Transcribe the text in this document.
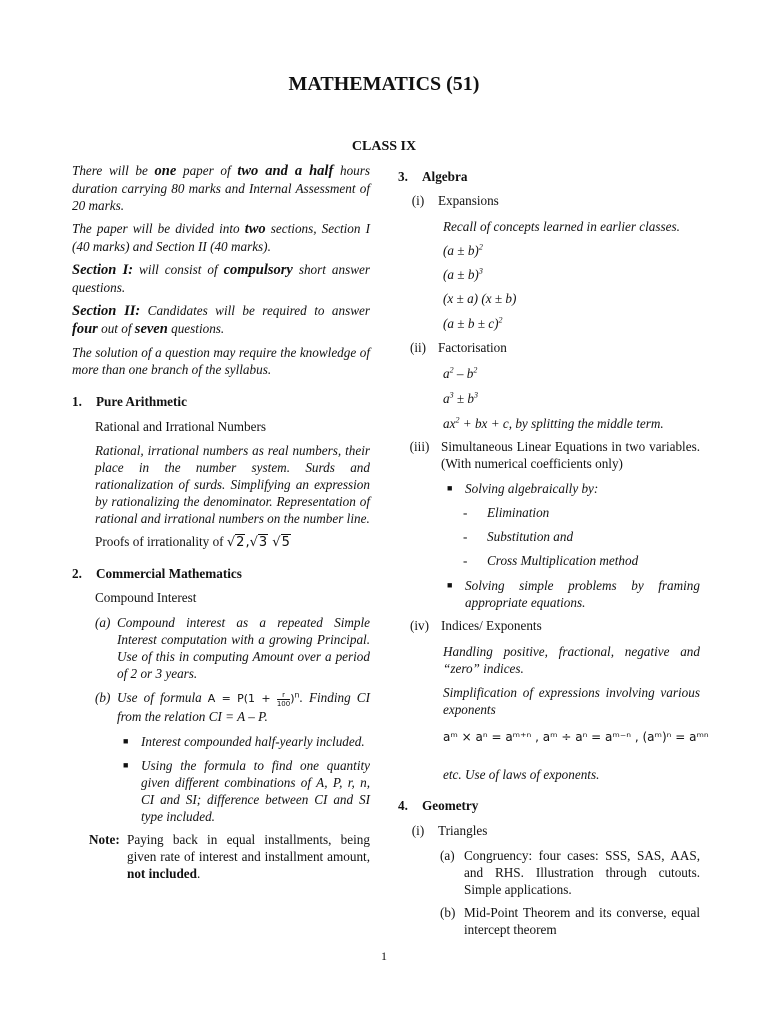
MATHEMATICS (51)
CLASS IX

There will be one paper of two and a half hours duration carrying 80 marks and Internal Assessment of 20 marks.

The paper will be divided into two sections, Section I (40 marks) and Section II (40 marks).

Section I: will consist of compulsory short answer questions.

Section II: Candidates will be required to answer four out of seven questions.

The solution of a question may require the knowledge of more than one branch of the syllabus.

1.	Pure Arithmetic

Rational and Irrational Numbers

Rational, irrational numbers as real numbers, their place in the number system. Surds and rationalization of surds. Simplifying an expression by rationalizing the denominator. Representation of rational and irrational numbers on the number line.

Proofs of irrationality of √2,√3 √5

2.	Commercial Mathematics

Compound Interest

(a) Compound interest as a repeated Simple Interest computation with a growing Principal. Use of this in computing Amount over a period of 2 or 3 years.
(b) Use of formula $A = P(1 + \frac{r}{100} )^n$. Finding CI from the relation CI = A – P.
■ Interest compounded half-yearly included.
■ Using the formula to find one quantity given different combinations of A, P, r, n, CI and SI; difference between CI and SI type included.
Note: Paying back in equal installments, being given rate of interest and installment amount, not included.
3.	Algebra
(i)	Expansions

Recall of concepts learned in earlier classes.

$(a \pm b)^2$

$(a \pm b)^3$

(x ± a) (x ± b)

$(a \pm b \pm c)^2$

(ii) Factorisation

$a^2 - b^2$

$a^3 \pm b^3$

$ax^2$ + bx + c, by splitting the middle term.

(iii) Simultaneous Linear Equations in two variables. (With numerical coefficients only)
■ Solving algebraically by:
-	Elimination
-	Substitution and
-	Cross Multiplication method
■ Solving simple problems by framing appropriate equations.
(iv) Indices/ Exponents

Handling positive, fractional, negative and “zero” indices.

Simplification of expressions involving various exponents

aᵐ × aⁿ = aᵐ⁺ⁿ , aᵐ ÷ aⁿ = aᵐ⁻ⁿ , (aᵐ)ⁿ = aᵐⁿ

etc. Use of laws of exponents.

4.	Geometry
(i)	Triangles
(a) Congruency: four cases: SSS, SAS, AAS, and RHS. Illustration through cutouts. Simple applications.
(b) Mid-Point Theorem and its converse, equal intercept theorem
1
